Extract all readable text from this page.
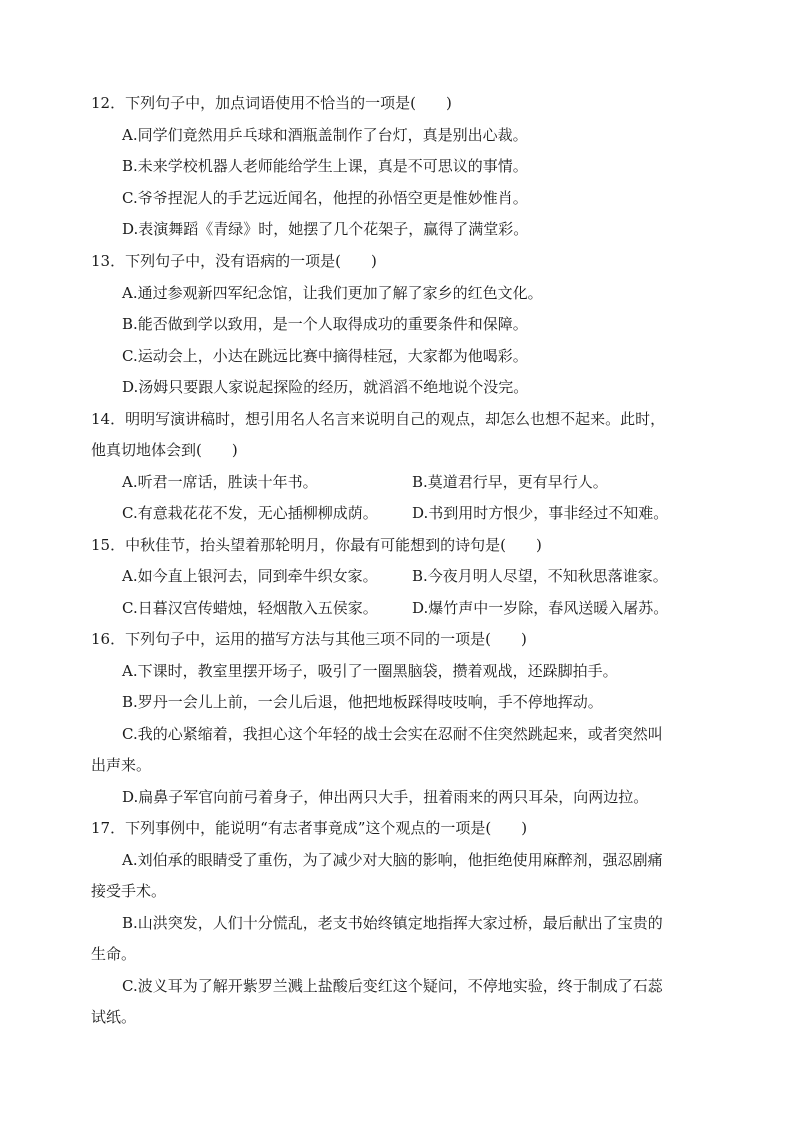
12．下列句子中，加点词语使用不恰当的一项是(　　)
A.同学们竟然用乒乓球和酒瓶盖制作了台灯，真是别出心裁。
B.未来学校机器人老师能给学生上课，真是不可思议的事情。
C.爷爷捏泥人的手艺远近闻名，他捏的孙悟空更是惟妙惟肖。
D.表演舞蹈《青绿》时，她摆了几个花架子，赢得了满堂彩。
13．下列句子中，没有语病的一项是(　　)
A.通过参观新四军纪念馆，让我们更加了解了家乡的红色文化。
B.能否做到学以致用，是一个人取得成功的重要条件和保障。
C.运动会上，小达在跳远比赛中摘得桂冠，大家都为他喝彩。
D.汤姆只要跟人家说起探险的经历，就滔滔不绝地说个没完。
14．明明写演讲稿时，想引用名人名言来说明自己的观点，却怎么也想不起来。此时，
他真切地体会到(　　)
A.听君一席话，胜读十年书。	B.莫道君行早，更有早行人。
C.有意栽花花不发，无心插柳柳成荫。 D.书到用时方恨少，事非经过不知难。
15．中秋佳节，抬头望着那轮明月，你最有可能想到的诗句是(　　)
A.如今直上银河去，同到牵牛织女家。 B.今夜月明人尽望，不知秋思落谁家。
C.日暮汉宫传蜡烛，轻烟散入五侯家。 D.爆竹声中一岁除，春风送暖入屠苏。
16．下列句子中，运用的描写方法与其他三项不同的一项是(　　)
A.下课时，教室里摆开场子，吸引了一圈黑脑袋，攒着观战，还跺脚拍手。
B.罗丹一会儿上前，一会儿后退，他把地板踩得吱吱响，手不停地挥动。
C.我的心紧缩着，我担心这个年轻的战士会实在忍耐不住突然跳起来，或者突然叫
出声来。
D.扁鼻子军官向前弓着身子，伸出两只大手，扭着雨来的两只耳朵，向两边拉。
17．下列事例中，能说明“有志者事竟成”这个观点的一项是(　　)
A.刘伯承的眼睛受了重伤，为了减少对大脑的影响，他拒绝使用麻醉剂，强忍剧痛
接受手术。
B.山洪突发，人们十分慌乱，老支书始终镇定地指挥大家过桥，最后献出了宝贵的
生命。
C.波义耳为了解开紫罗兰溅上盐酸后变红这个疑问，不停地实验，终于制成了石蕊
试纸。
